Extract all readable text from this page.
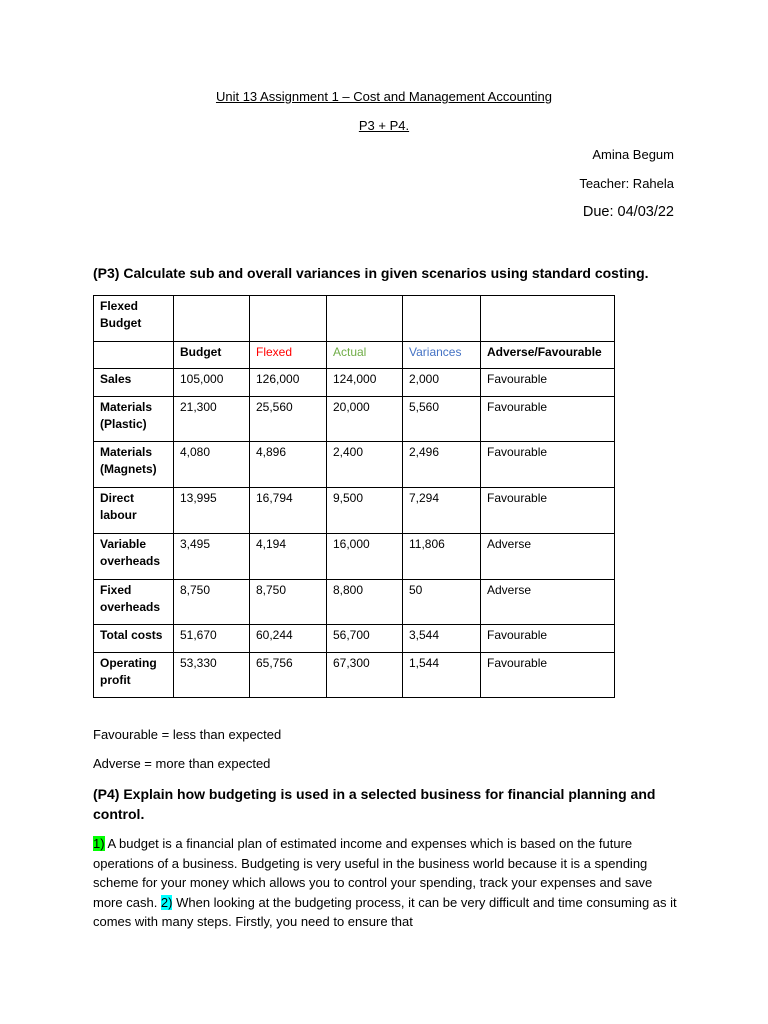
Unit 13 Assignment 1 – Cost and Management Accounting
P3 + P4.
Amina Begum
Teacher: Rahela
Due: 04/03/22
(P3) Calculate sub and overall variances in given scenarios using standard costing.
Flexed Budget					
	Budget	Flexed	Actual	Variances	Adverse/Favourable
Sales	105,000	126,000	124,000	2,000	Favourable
Materials (Plastic)	21,300	25,560	20,000	5,560	Favourable
Materials (Magnets)	4,080	4,896	2,400	2,496	Favourable
Direct labour	13,995	16,794	9,500	7,294	Favourable
Variable overheads	3,495	4,194	16,000	11,806	Adverse
Fixed overheads	8,750	8,750	8,800	50	Adverse
Total costs	51,670	60,244	56,700	3,544	Favourable
Operating profit	53,330	65,756	67,300	1,544	Favourable
Favourable = less than expected
Adverse = more than expected
(P4) Explain how budgeting is used in a selected business for financial planning and control.
1) A budget is a financial plan of estimated income and expenses which is based on the future operations of a business. Budgeting is very useful in the business world because it is a spending scheme for your money which allows you to control your spending, track your expenses and save more cash. 2) When looking at the budgeting process, it can be very difficult and time consuming as it comes with many steps. Firstly, you need to ensure that
